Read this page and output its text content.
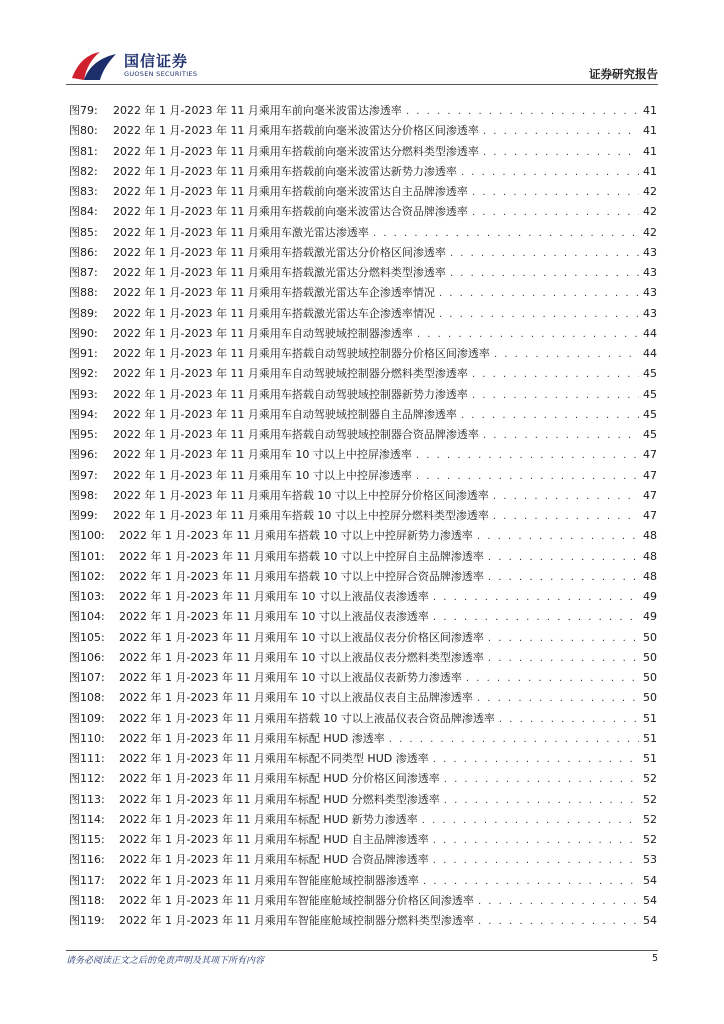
国信证券
GUOSEN SECURITIES	证券研究报告
图79:	2022 年 1 月-2023 年 11 月乘用车前向毫米波雷达渗透率 . . .	41
图80:	2022 年 1 月-2023 年 11 月乘用车搭载前向毫米波雷达分价格区间渗透率 . . .	41
图81:	2022 年 1 月-2023 年 11 月乘用车搭载前向毫米波雷达分燃料类型渗透率 . . .	41
图82:	2022 年 1 月-2023 年 11 月乘用车搭载前向毫米波雷达新势力渗透率 . . .	41
图83:	2022 年 1 月-2023 年 11 月乘用车搭载前向毫米波雷达自主品牌渗透率 . . .	42
图84:	2022 年 1 月-2023 年 11 月乘用车搭载前向毫米波雷达合资品牌渗透率 . . .	42
图85:	2022 年 1 月-2023 年 11 月乘用车激光雷达渗透率 . . .	42
图86:	2022 年 1 月-2023 年 11 月乘用车搭载激光雷达分价格区间渗透率 . . .	43
图87:	2022 年 1 月-2023 年 11 月乘用车搭载激光雷达分燃料类型渗透率 . . .	43
图88:	2022 年 1 月-2023 年 11 月乘用车搭载激光雷达车企渗透率情况 . . .	43
图89:	2022 年 1 月-2023 年 11 月乘用车搭载激光雷达车企渗透率情况 . . .	43
图90:	2022 年 1 月-2023 年 11 月乘用车自动驾驶域控制器渗透率 . . .	44
图91:	2022 年 1 月-2023 年 11 月乘用车搭载自动驾驶域控制器分价格区间渗透率 . . .	44
图92:	2022 年 1 月-2023 年 11 月乘用车自动驾驶域控制器分燃料类型渗透率 . . .	45
图93:	2022 年 1 月-2023 年 11 月乘用车搭载自动驾驶域控制器新势力渗透率 . . .	45
图94:	2022 年 1 月-2023 年 11 月乘用车自动驾驶域控制器自主品牌渗透率 . . .	45
图95:	2022 年 1 月-2023 年 11 月乘用车搭载自动驾驶域控制器合资品牌渗透率 . . .	45
图96:	2022 年 1 月-2023 年 11 月乘用车 10 寸以上中控屏渗透率 . . .	47
图97:	2022 年 1 月-2023 年 11 月乘用车 10 寸以上中控屏渗透率 . . .	47
图98:	2022 年 1 月-2023 年 11 月乘用车搭载 10 寸以上中控屏分价格区间渗透率 . . .	47
图99:	2022 年 1 月-2023 年 11 月乘用车搭载 10 寸以上中控屏分燃料类型渗透率 . . .	47
图100:	2022 年 1 月-2023 年 11 月乘用车搭载 10 寸以上中控屏新势力渗透率 . . .	48
图101:	2022 年 1 月-2023 年 11 月乘用车搭载 10 寸以上中控屏自主品牌渗透率 . . .	48
图102:	2022 年 1 月-2023 年 11 月乘用车搭载 10 寸以上中控屏合资品牌渗透率 . . .	48
图103:	2022 年 1 月-2023 年 11 月乘用车 10 寸以上液晶仪表渗透率 . . .	49
图104:	2022 年 1 月-2023 年 11 月乘用车 10 寸以上液晶仪表渗透率 . . .	49
图105:	2022 年 1 月-2023 年 11 月乘用车 10 寸以上液晶仪表分价格区间渗透率 . . .	50
图106:	2022 年 1 月-2023 年 11 月乘用车 10 寸以上液晶仪表分燃料类型渗透率 . . .	50
图107:	2022 年 1 月-2023 年 11 月乘用车 10 寸以上液晶仪表新势力渗透率 . . .	50
图108:	2022 年 1 月-2023 年 11 月乘用车 10 寸以上液晶仪表自主品牌渗透率 . . .	50
图109:	2022 年 1 月-2023 年 11 月乘用车搭载 10 寸以上液晶仪表合资品牌渗透率 . . .	51
图110:	2022 年 1 月-2023 年 11 月乘用车标配 HUD 渗透率 . . .	51
图111:	2022 年 1 月-2023 年 11 月乘用车标配不同类型 HUD 渗透率 . . .	51
图112:	2022 年 1 月-2023 年 11 月乘用车标配 HUD 分价格区间渗透率 . . .	52
图113:	2022 年 1 月-2023 年 11 月乘用车标配 HUD 分燃料类型渗透率 . . .	52
图114:	2022 年 1 月-2023 年 11 月乘用车标配 HUD 新势力渗透率 . . .	52
图115:	2022 年 1 月-2023 年 11 月乘用车标配 HUD 自主品牌渗透率 . . .	52
图116:	2022 年 1 月-2023 年 11 月乘用车标配 HUD 合资品牌渗透率 . . .	53
图117:	2022 年 1 月-2023 年 11 月乘用车智能座舱域控制器渗透率 . . .	54
图118:	2022 年 1 月-2023 年 11 月乘用车智能座舱域控制器分价格区间渗透率 . . .	54
图119:	2022 年 1 月-2023 年 11 月乘用车智能座舱域控制器分燃料类型渗透率 . . .	54
请务必阅读正文之后的免责声明及其项下所有内容	5
